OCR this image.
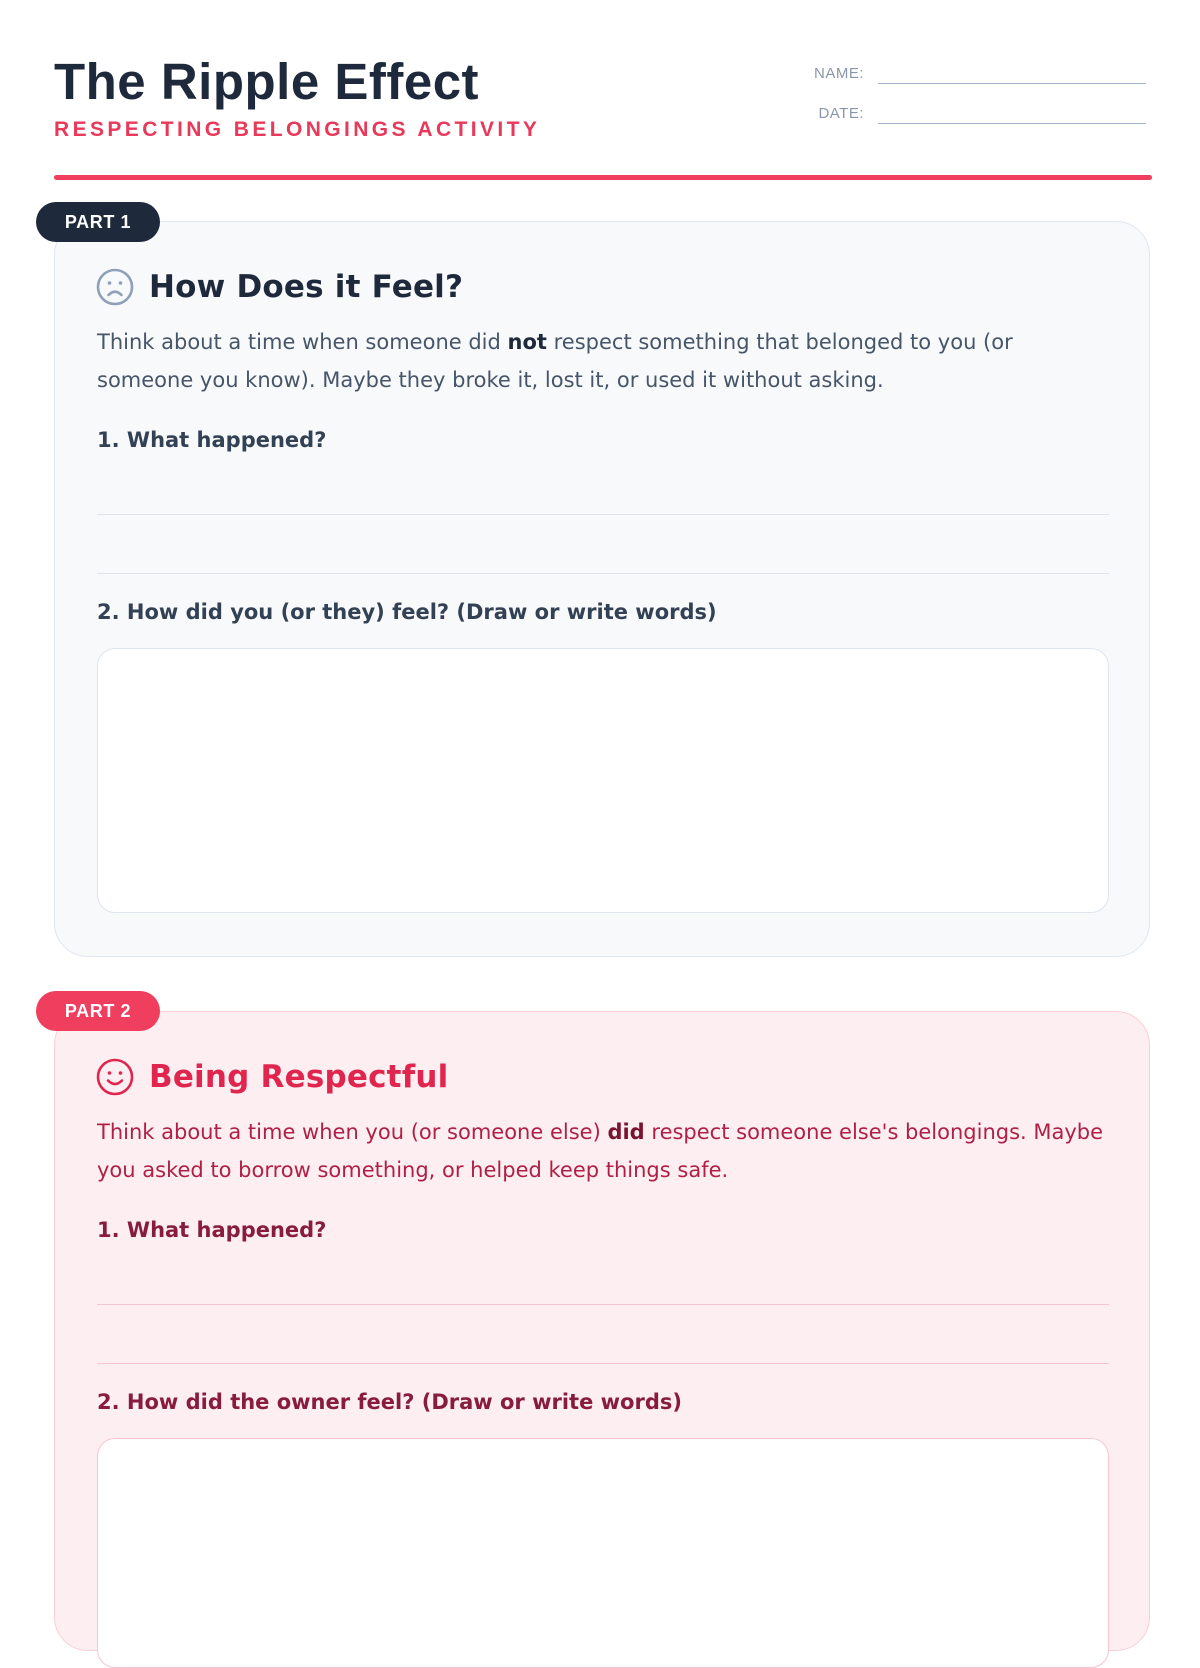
The Ripple Effect
RESPECTING BELONGINGS ACTIVITY
NAME:
DATE:
How Does it Feel?

Think about a time when someone did not respect something that belonged to you (or someone you know). Maybe they broke it, lost it, or used it without asking.

1. What happened?
2. How did you (or they) feel? (Draw or write words)
PART 1
Being Respectful

Think about a time when you (or someone else) did respect someone else's belongings. Maybe you asked to borrow something, or helped keep things safe.

1. What happened?
2. How did the owner feel? (Draw or write words)
PART 2
